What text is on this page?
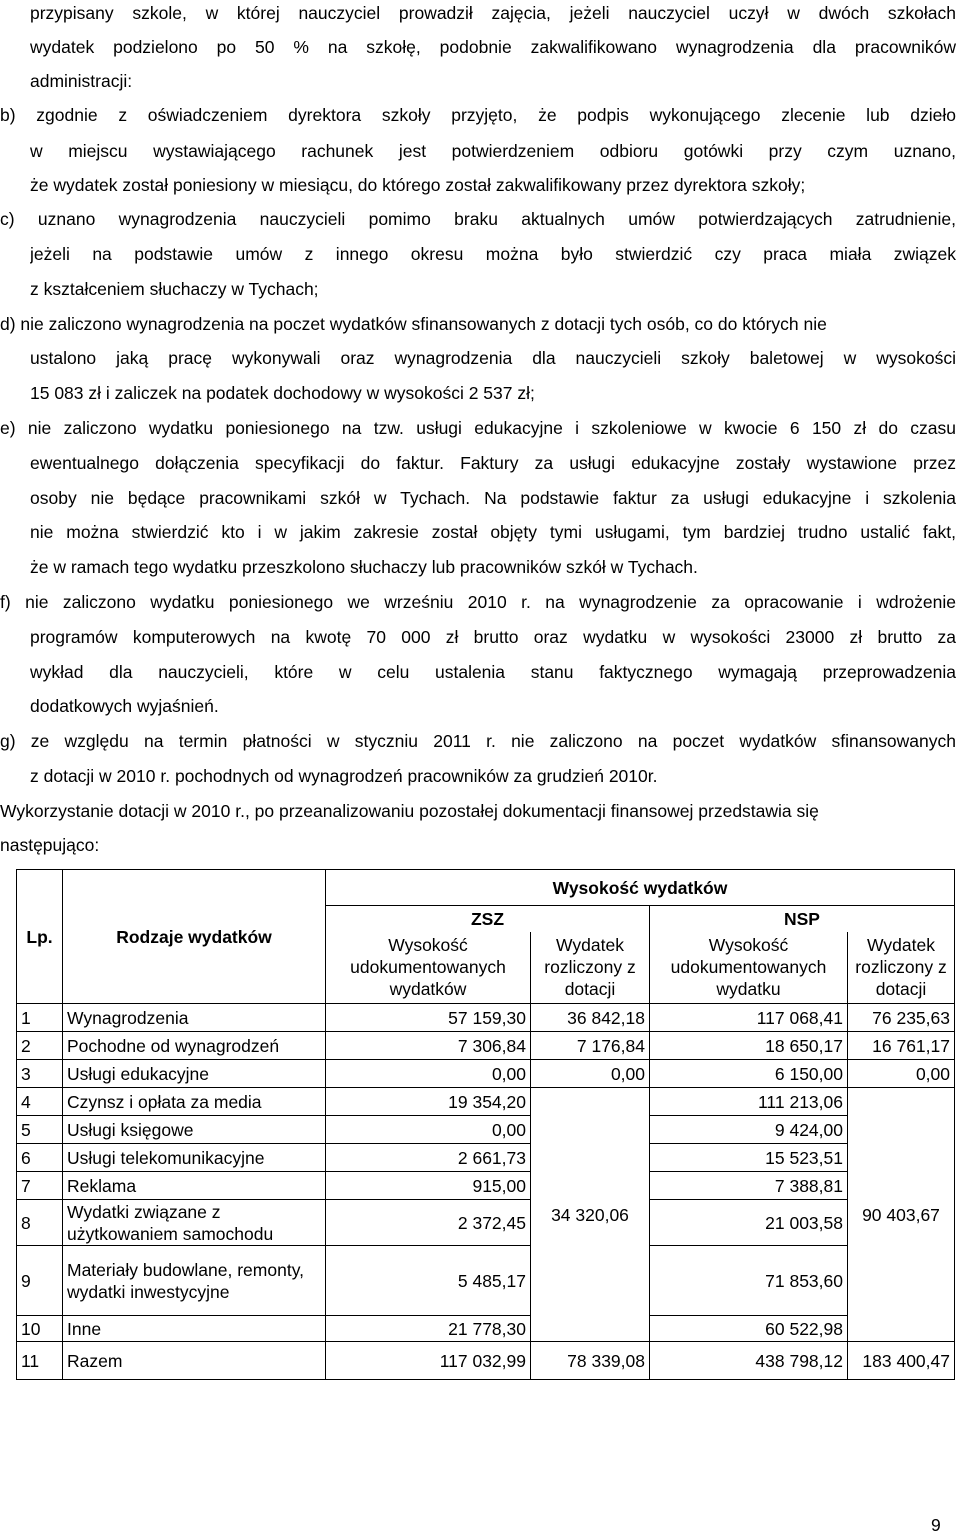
przypisany szkole, w której nauczyciel prowadził zajęcia, jeżeli nauczyciel uczył w dwóch szkołach
wydatek podzielono po 50 % na szkołę, podobnie zakwalifikowano wynagrodzenia dla pracowników
administracji:
b) zgodnie z oświadczeniem dyrektora szkoły przyjęto, że podpis wykonującego zlecenie lub dzieło
w miejscu wystawiającego rachunek jest potwierdzeniem odbioru gotówki przy czym uznano,
że wydatek został poniesiony w miesiącu, do którego został zakwalifikowany przez dyrektora szkoły;
c) uznano wynagrodzenia nauczycieli pomimo braku aktualnych umów potwierdzających zatrudnienie,
jeżeli na podstawie umów z innego okresu można było stwierdzić czy praca miała związek
z kształceniem słuchaczy w Tychach;
d) nie zaliczono wynagrodzenia na poczet wydatków sfinansowanych z dotacji tych osób, co do których nie
ustalono jaką pracę wykonywali oraz wynagrodzenia dla nauczycieli szkoły baletowej w wysokości
15 083 zł i zaliczek na podatek dochodowy w wysokości 2 537 zł;
e) nie zaliczono wydatku poniesionego na tzw. usługi edukacyjne i szkoleniowe w kwocie 6 150 zł do czasu
ewentualnego dołączenia specyfikacji do faktur. Faktury za usługi edukacyjne zostały wystawione przez
osoby nie będące pracownikami szkół w Tychach. Na podstawie faktur za usługi edukacyjne i szkolenia
nie można stwierdzić kto i w jakim zakresie został objęty tymi usługami, tym bardziej trudno ustalić fakt,
że w ramach tego wydatku przeszkolono słuchaczy lub pracowników szkół w Tychach.
f) nie zaliczono wydatku poniesionego we wrześniu 2010 r. na wynagrodzenie za opracowanie i wdrożenie
programów komputerowych na kwotę 70 000 zł brutto oraz wydatku w wysokości 23000 zł brutto za
wykład dla nauczycieli, które w celu ustalenia stanu faktycznego wymagają przeprowadzenia
dodatkowych wyjaśnień.
g) ze względu na termin płatności w styczniu 2011 r. nie zaliczono na poczet wydatków sfinansowanych
z dotacji w 2010 r. pochodnych od wynagrodzeń pracowników za grudzień 2010r.
Wykorzystanie dotacji w 2010 r., po przeanalizowaniu pozostałej dokumentacji finansowej przedstawia się
następująco:
Lp.	Rodzaje wydatków	Wysokość wydatków			
		ZSZ		NSP	
		Wysokość udokumentowanych wydatków	Wydatek rozliczony z dotacji	Wysokość udokumentowanych wydatku	Wydatek rozliczony z dotacji
1	Wynagrodzenia	57 159,30	36 842,18	117 068,41	76 235,63
2	Pochodne od wynagrodzeń	7 306,84	7 176,84	18 650,17	16 761,17
3	Usługi edukacyjne	0,00	0,00	6 150,00	0,00
4	Czynsz i opłata za media	19 354,20	34 320,06	111 213,06	90 403,67
5	Usługi księgowe	0,00		9 424,00	
6	Usługi telekomunikacyjne	2 661,73		15 523,51	
7	Reklama	915,00		7 388,81	
8	Wydatki związane z użytkowaniem samochodu	2 372,45		21 003,58	
9	Materiały budowlane, remonty, wydatki inwestycyjne	5 485,17		71 853,60	
10	Inne	21 778,30		60 522,98	
11	Razem	117 032,99	78 339,08	438 798,12	183 400,47
9
